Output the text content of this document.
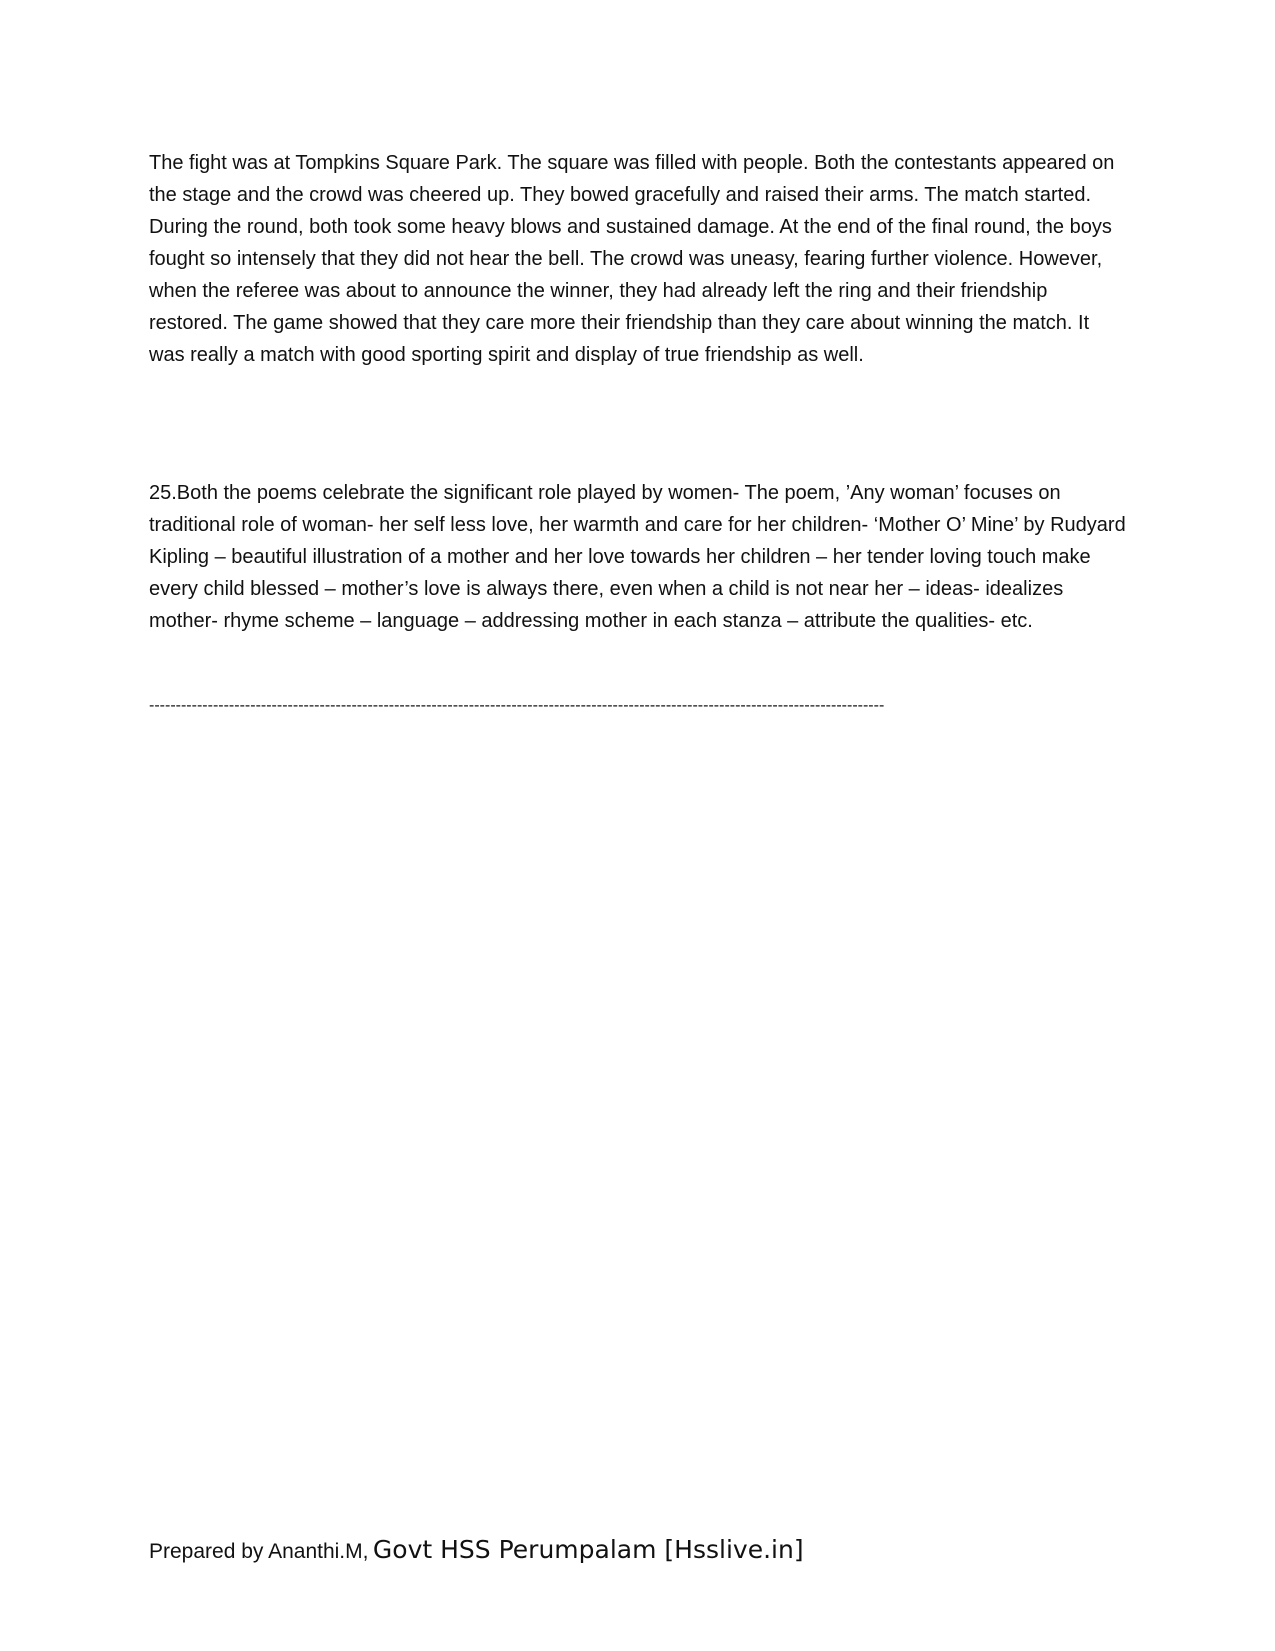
The fight was at Tompkins Square Park. The square was filled with people. Both the contestants appeared on the stage and the crowd was cheered up. They bowed gracefully and raised their arms. The match started. During the round, both took some heavy blows and sustained damage. At the end of the final round, the boys fought so intensely that they did not hear the bell. The crowd was uneasy, fearing further violence. However, when the referee was about to announce the winner, they had already left the ring and their friendship restored. The game showed that they care more their friendship than they care about winning the match. It was really a match with good sporting spirit and display of true friendship as well.

25.Both the poems celebrate the significant role played by women- The poem, ’Any woman’ focuses on traditional role of woman- her self less love, her warmth and care for her children- ‘Mother O’ Mine’ by Rudyard Kipling – beautiful illustration of a mother and her love towards her children – her tender loving touch make every child blessed – mother’s love is always there, even when a child is not near her – ideas- idealizes mother- rhyme scheme – language – addressing mother in each stanza – attribute the qualities- etc.

------------------------------------------------------------------------------------------------------------------------------------------

Prepared by Ananthi.M, Govt HSS Perumpalam [Hsslive.in]
